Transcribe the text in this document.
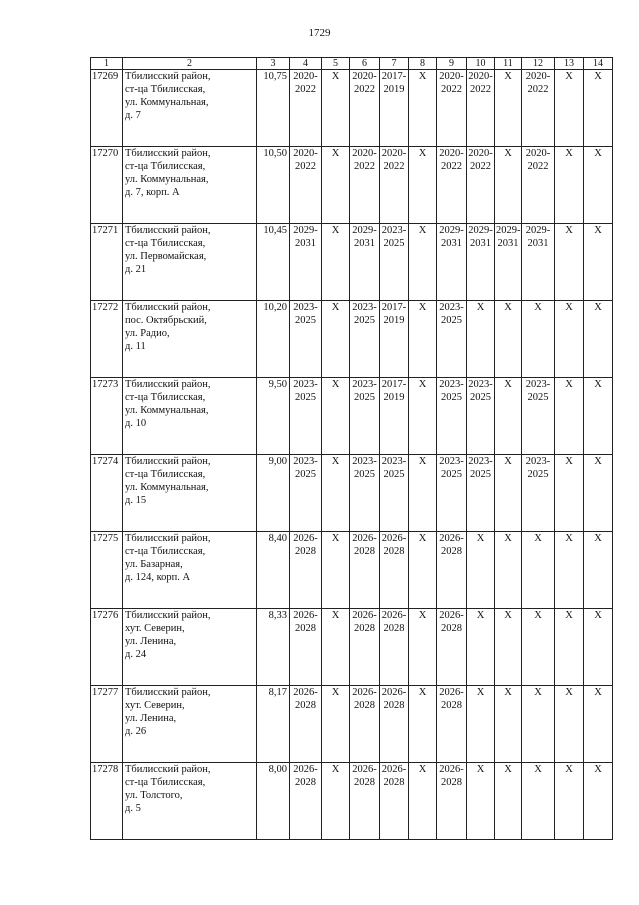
1729
1	2	3	4	5	6	7	8	9	10	11	12	13	14
17269	Тбилисский район,
ст-ца Тбилисская,
ул. Коммунальная,
д. 7	10,75	2020-
2022	Х	2020-
2022	2017-
2019	Х	2020-
2022	2020-
2022	Х	2020-
2022	Х	Х

17270	Тбилисский район,
ст-ца Тбилисская,
ул. Коммунальная,
д. 7, корп. А	10,50	2020-
2022	Х	2020-
2022	2020-
2022	Х	2020-
2022	2020-
2022	Х	2020-
2022	Х	Х

17271	Тбилисский район,
ст-ца Тбилисская,
ул. Первомайская,
д. 21	10,45	2029-
2031	Х	2029-
2031	2023-
2025	Х	2029-
2031	2029-
2031	2029-
2031	2029-
2031	Х	Х

17272	Тбилисский район,
пос. Октябрьский,
ул. Радио,
д. 11	10,20	2023-
2025	Х	2023-
2025	2017-
2019	Х	2023-
2025	Х	Х	Х	Х	Х

17273	Тбилисский район,
ст-ца Тбилисская,
ул. Коммунальная,
д. 10	9,50	2023-
2025	Х	2023-
2025	2017-
2019	Х	2023-
2025	2023-
2025	Х	2023-
2025	Х	Х

17274	Тбилисский район,
ст-ца Тбилисская,
ул. Коммунальная,
д. 15	9,00	2023-
2025	Х	2023-
2025	2023-
2025	Х	2023-
2025	2023-
2025	Х	2023-
2025	Х	Х

17275	Тбилисский район,
ст-ца Тбилисская,
ул. Базарная,
д. 124, корп. А	8,40	2026-
2028	Х	2026-
2028	2026-
2028	Х	2026-
2028	Х	Х	Х	Х	Х

17276	Тбилисский район,
хут. Северин,
ул. Ленина,
д. 24	8,33	2026-
2028	Х	2026-
2028	2026-
2028	Х	2026-
2028	Х	Х	Х	Х	Х

17277	Тбилисский район,
хут. Северин,
ул. Ленина,
д. 26	8,17	2026-
2028	Х	2026-
2028	2026-
2028	Х	2026-
2028	Х	Х	Х	Х	Х

17278	Тбилисский район,
ст-ца Тбилисская,
ул. Толстого,
д. 5	8,00	2026-
2028	Х	2026-
2028	2026-
2028	Х	2026-
2028	Х	Х	Х	Х	Х
